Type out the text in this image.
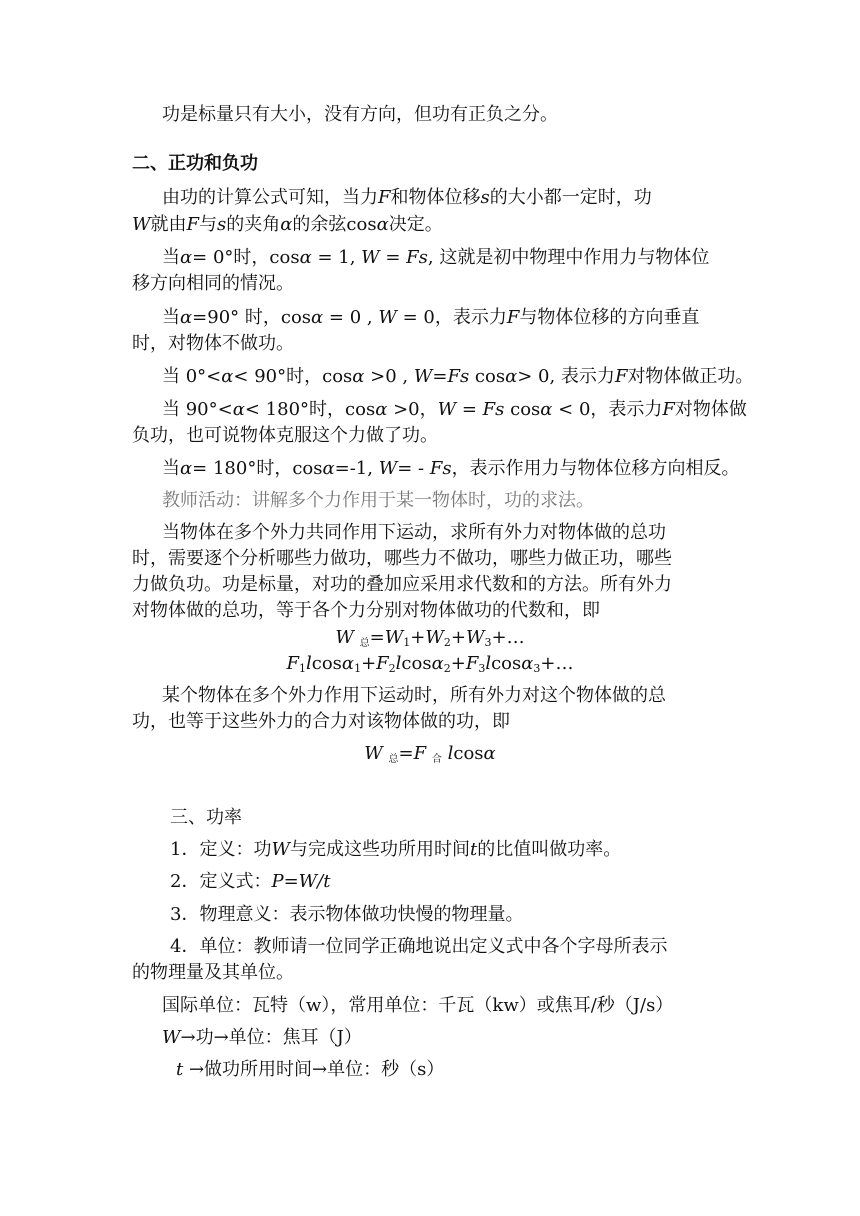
功是标量只有大小，没有方向，但功有正负之分。
二、正功和负功
由功的计算公式可知，当力F和物体位移s的大小都一定时，功
W就由F与s的夹角α的余弦cosα决定。
当α= 0°时，cosα = 1, W = Fs, 这就是初中物理中作用力与物体位
移方向相同的情况。
当α=90° 时，cosα = 0 , W = 0，表示力F与物体位移的方向垂直
时，对物体不做功。
当 0°<α< 90°时，cosα >0 , W=Fs cosα> 0, 表示力F对物体做正功。
当 90°<α< 180°时，cosα >0，W = Fs cosα < 0，表示力F对物体做
负功，也可说物体克服这个力做了功。
当α= 180°时，cosα=-1, W= - Fs，表示作用力与物体位移方向相反。
教师活动：讲解多个力作用于某一物体时，功的求法。
当物体在多个外力共同作用下运动，求所有外力对物体做的总功
时，需要逐个分析哪些力做功，哪些力不做功，哪些力做正功，哪些
力做负功。功是标量，对功的叠加应采用求代数和的方法。所有外力
对物体做的总功，等于各个力分别对物体做功的代数和，即
W 总$=W_1+W_2+W_3+\dots$
$F_1lcos\alpha_1+F_2lcos\alpha_2+F_3lcos\alpha_3+\dots$
某个物体在多个外力作用下运动时，所有外力对这个物体做的总
功，也等于这些外力的合力对该物体做的功，即
W 总=F 合 lcosα
三、功率
1．定义：功W与完成这些功所用时间t的比值叫做功率。
2．定义式：P=W/t
3．物理意义：表示物体做功快慢的物理量。
4．单位：教师请一位同学正确地说出定义式中各个字母所表示
的物理量及其单位。
国际单位：瓦特（w），常用单位：千瓦（kw）或焦耳/秒（J/s）
W→功→单位：焦耳（J）
t →做功所用时间→单位：秒（s）
